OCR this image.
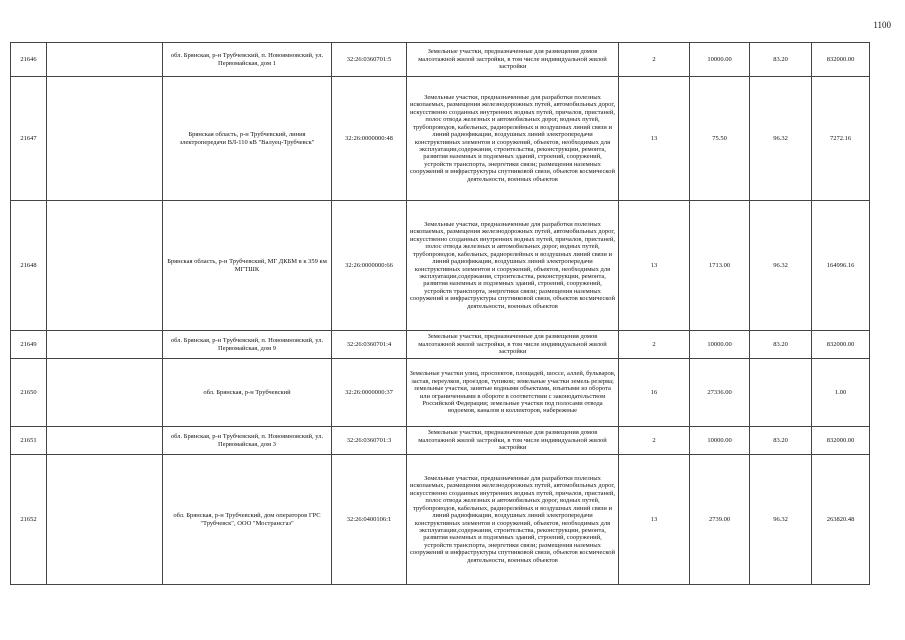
1100
21646		обл. Брянская, р-н Трубчевский, п. Новоямновский, ул. Первомайская, дом 1	32:26:0360701:5	Земельные участки, предназначенные для размещения домов малоэтажной жилой застройки, в том числе индивидуальной жилой застройки	2	10000.00	83.20	832000.00
21647		Брянская область, р-н Трубчевский, линия электропередачи ВЛ-110 кВ "Валуец-Трубчевск"	32:26:0000000:48	Земельные участки, предназначенные для разработки полезных ископаемых, размещения железнодорожных путей, автомобильных дорог, искусственно созданных внутренних водных путей, причалов, пристаней, полос отвода железных и автомобильных дорог, водных путей, трубопроводов, кабельных, радиорелейных и воздушных линий связи и линий радиофикации, воздушных линий электропередачи конструктивных элементов и сооружений, объектов, необходимых для эксплуатации,содержания, строительства, реконструкции, ремонта, развития наземных и подземных зданий, строений, сооружений, устройств транспорта, энергетики связи; размещения наземных сооружений и инфраструктуры спутниковой связи, объектов космической деятельности, военных объектов	13	75.50	96.32	7272.16
21648		Брянская область, р-н Трубчевский, МГ ДКБМ в к 359 км МГТШК	32:26:0000000:66	Земельные участки, предназначенные для разработки полезных ископаемых, размещения железнодорожных путей, автомобильных дорог, искусственно созданных внутренних водных путей, причалов, пристаней, полос отвода железных и автомобильных дорог, водных путей, трубопроводов, кабельных, радиорелейных и воздушных линий связи и линий радиофикации, воздушных линий электропередачи конструктивных элементов и сооружений, объектов, необходимых для эксплуатации,содержания, строительства, реконструкции, ремонта, развития наземных и подземных зданий, строений, сооружений, устройств транспорта, энергетики связи; размещения наземных сооружений и инфраструктуры спутниковой связи, объектов космической деятельности, военных объектов	13	1713.00	96.32	164996.16
21649		обл. Брянская, р-н Трубчевский, п. Новоямновский, ул. Первомайская, дом 9	32:26:0360701:4	Земельные участки, предназначенные для размещения домов малоэтажной жилой застройки, в том числе индивидуальной жилой застройки	2	10000.00	83.20	832000.00
21650		обл. Брянская, р-н Трубчевский	32:26:0000000:37	Земельные участки улиц, проспектов, площадей, шоссе, аллей, бульваров, застав, переулков, проездов, тупиков; земельные участки земель резерва; земельные участки, занятые водными объектами, изъятыми из оборота или ограниченными в обороте в соответствии с законодательством Российской Федерации; земельные участки под полосами отвода водоемов, каналов и коллекторов, набережные	16	27336.00		1.00
21651		обл. Брянская, р-н Трубчевский, п. Новоямновский, ул. Первомайская, дом 3	32:26:0360701:3	Земельные участки, предназначенные для размещения домов малоэтажной жилой застройки, в том числе индивидуальной жилой застройки	2	10000.00	83.20	832000.00
21652		обл. Брянская, р-н Трубчевский, дом операторов ГРС "Трубчевск", ООО "Мострансгаз"	32:26:0400106:1	Земельные участки, предназначенные для разработки полезных ископаемых, размещения железнодорожных путей, автомобильных дорог, искусственно созданных внутренних водных путей, причалов, пристаней, полос отвода железных и автомобильных дорог, водных путей, трубопроводов, кабельных, радиорелейных и воздушных линий связи и линий радиофикации, воздушных линий электропередачи конструктивных элементов и сооружений, объектов, необходимых для эксплуатации,содержания, строительства, реконструкции, ремонта, развития наземных и подземных зданий, строений, сооружений, устройств транспорта, энергетики связи; размещения наземных сооружений и инфраструктуры спутниковой связи, объектов космической деятельности, военных объектов	13	2739.00	96.32	263820.48
